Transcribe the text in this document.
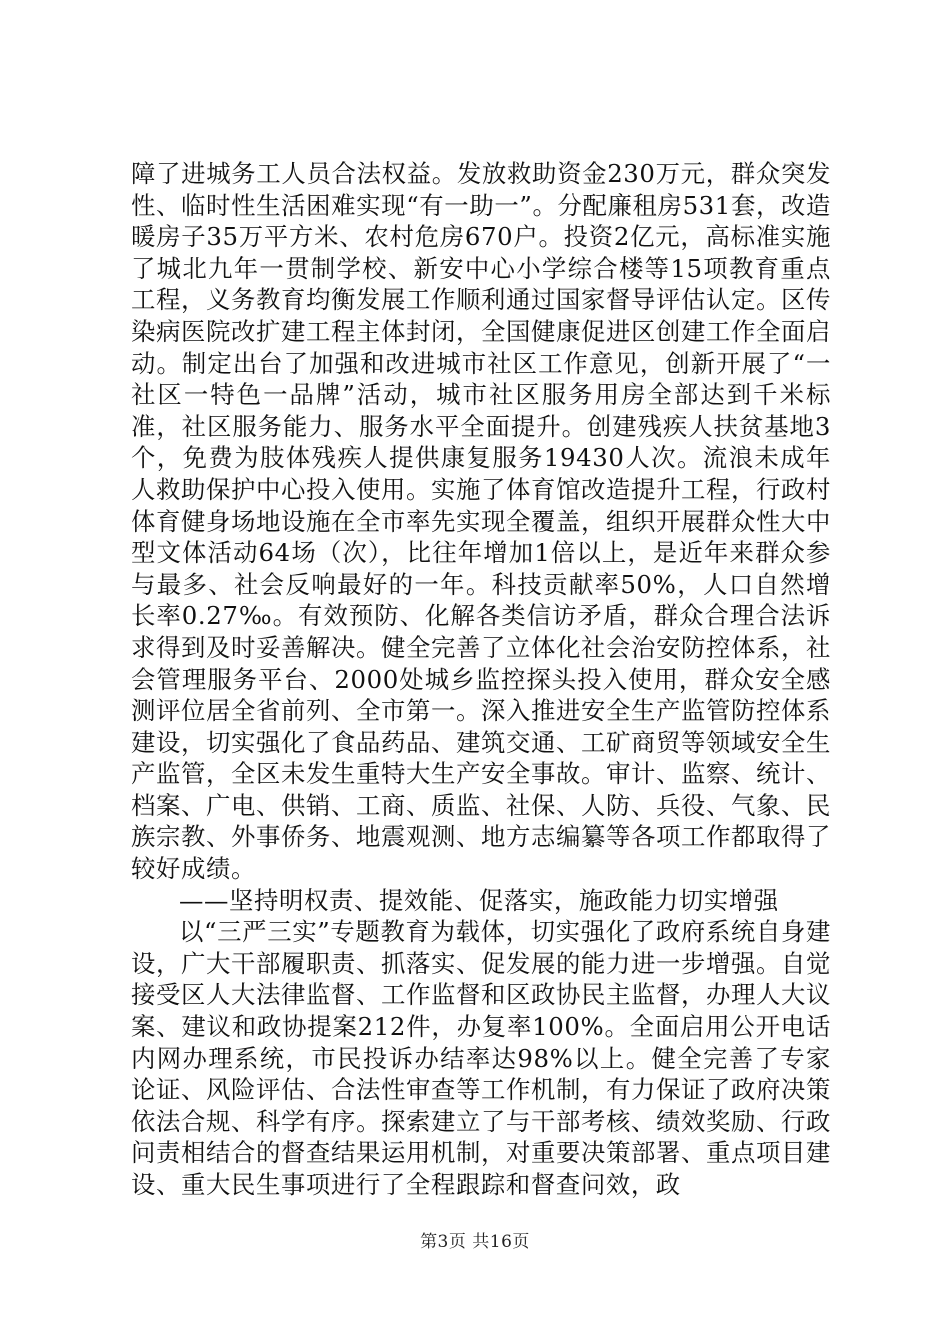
障了进城务工人员合法权益。发放救助资金230万元，群众突发性、临时性生活困难实现“有一助一”。分配廉租房531套，改造暖房子35万平方米、农村危房670户。投资2亿元，高标准实施了城北九年一贯制学校、新安中心小学综合楼等15项教育重点工程，义务教育均衡发展工作顺利通过国家督导评估认定。区传染病医院改扩建工程主体封闭，全国健康促进区创建工作全面启动。制定出台了加强和改进城市社区工作意见，创新开展了“一社区一特色一品牌”活动，城市社区服务用房全部达到千米标准，社区服务能力、服务水平全面提升。创建残疾人扶贫基地3个，免费为肢体残疾人提供康复服务19430人次。流浪未成年人救助保护中心投入使用。实施了体育馆改造提升工程，行政村体育健身场地设施在全市率先实现全覆盖，组织开展群众性大中型文体活动64场（次），比往年增加1倍以上，是近年来群众参与最多、社会反响最好的一年。科技贡献率50%，人口自然增长率0.27‰。有效预防、化解各类信访矛盾，群众合理合法诉求得到及时妥善解决。健全完善了立体化社会治安防控体系，社会管理服务平台、2000处城乡监控探头投入使用，群众安全感测评位居全省前列、全市第一。深入推进安全生产监管防控体系建设，切实强化了食品药品、建筑交通、工矿商贸等领域安全生产监管，全区未发生重特大生产安全事故。审计、监察、统计、档案、广电、供销、工商、质监、社保、人防、兵役、气象、民族宗教、外事侨务、地震观测、地方志编纂等各项工作都取得了较好成绩。

——坚持明权责、提效能、促落实，施政能力切实增强

以“三严三实”专题教育为载体，切实强化了政府系统自身建设，广大干部履职责、抓落实、促发展的能力进一步增强。自觉接受区人大法律监督、工作监督和区政协民主监督，办理人大议案、建议和政协提案212件，办复率100%。全面启用公开电话内网办理系统，市民投诉办结率达98%以上。健全完善了专家论证、风险评估、合法性审查等工作机制，有力保证了政府决策依法合规、科学有序。探索建立了与干部考核、绩效奖励、行政问责相结合的督查结果运用机制，对重要决策部署、重点项目建设、重大民生事项进行了全程跟踪和督查问效，政

第3页 共16页
